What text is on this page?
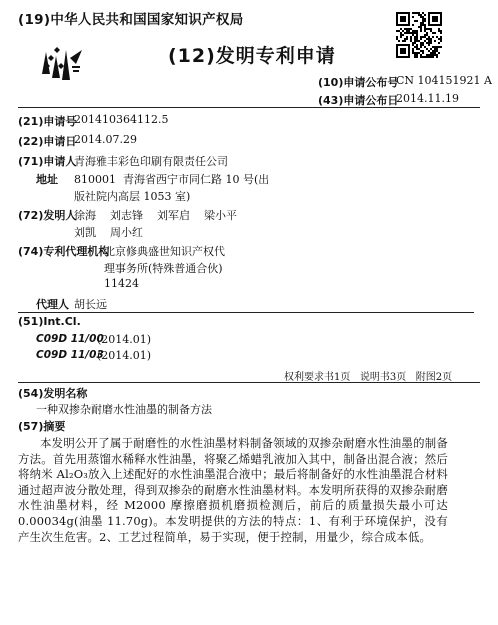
(19)中华人民共和国国家知识产权局
(12)发明专利申请
(10)申请公布号
CN 104151921 A
(43)申请公布日
2014.11.19
(21)申请号
201410364112.5
(22)申请日
2014.07.29
(71)申请人
青海雅丰彩色印刷有限责任公司
地址 810001  青海省西宁市同仁路 10 号(出
版社院内高层 1053 室)
(72)发明人
徐海    刘志锋    刘军启    梁小平
刘凯    周小红
(74)专利代理机构
北京修典盛世知识产权代
理事务所(特殊普通合伙)
11424
代理人 胡长远
(51)Int.Cl.
C09D 11/00
(2014.01)
C09D 11/03
(2014.01)
权利要求书1页   说明书3页   附图2页
(54)发明名称
一种双掺杂耐磨水性油墨的制备方法
(57)摘要

本发明公开了属于耐磨性的水性油墨材料制备领域的双掺杂耐磨水性油墨的制备方法。首先用蒸馏水稀释水性油墨，将聚乙烯蜡乳液加入其中，制备出混合液；然后将纳米 Al₂O₃放入上述配好的水性油墨混合液中；最后将制备好的水性油墨混合材料通过超声波分散处理，得到双掺杂的耐磨水性油墨材料。本发明所获得的双掺杂耐磨水性油墨材料，经 M2000 摩擦磨损机磨损检测后，前后的质量损失最小可达 0.00034g(油墨 11.70g)。本发明提供的方法的特点：1、有利于环境保护，没有产生次生危害。2、工艺过程简单，易于实现，便于控制，用量少，综合成本低。
